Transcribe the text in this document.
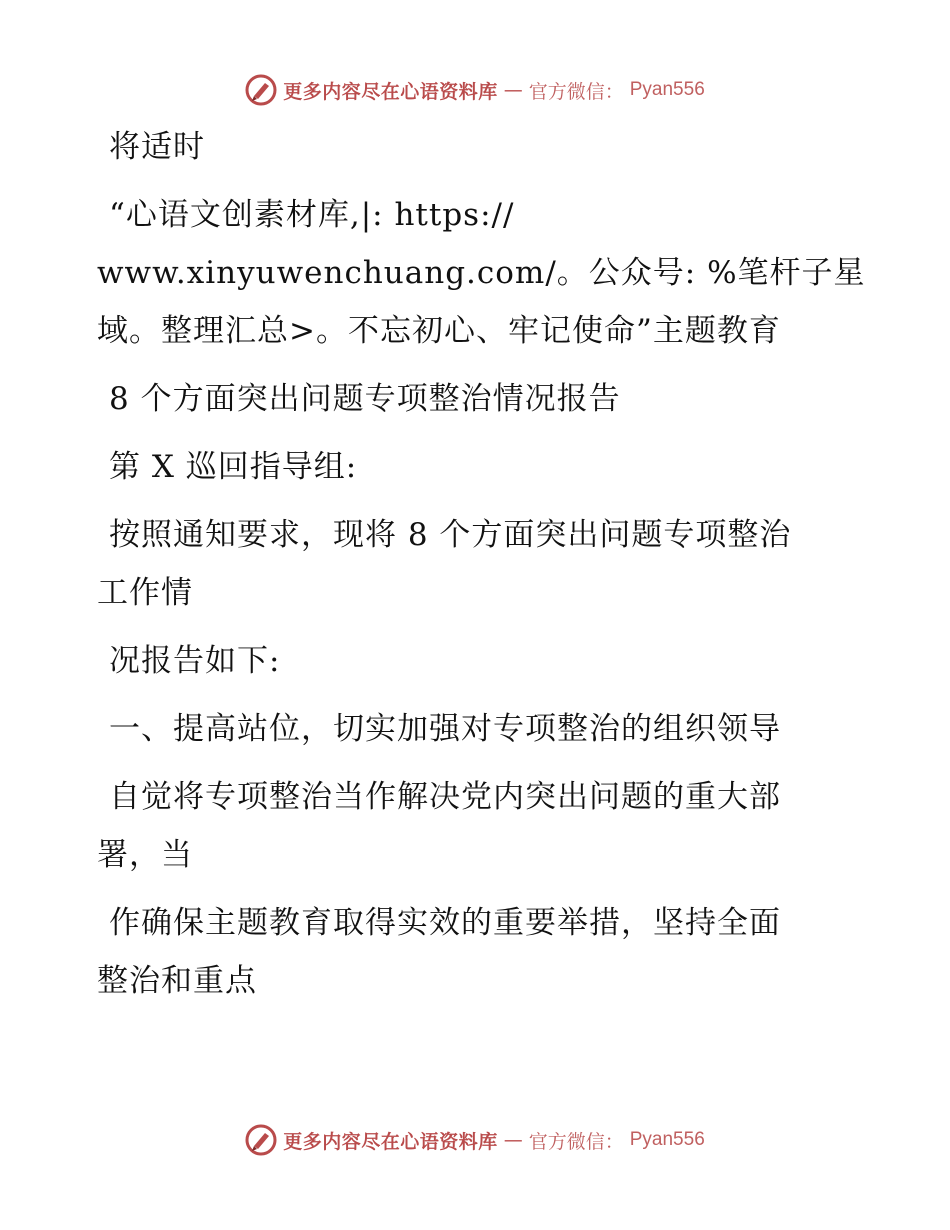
更多内容尽在心语资料库 — 官方微信： Pyan556
将适时
“心语文创素材库,|: https://
www.xinyuwenchuang.com/。公众号: %笔杆子星
域。整理汇总>。不忘初心、牢记使命”主题教育
8 个方面突出问题专项整治情况报告
第 X 巡回指导组:
按照通知要求，现将 8 个方面突出问题专项整治
工作情
况报告如下:
一、提高站位，切实加强对专项整治的组织领导
自觉将专项整治当作解决党内突出问题的重大部
署，当
作确保主题教育取得实效的重要举措，坚持全面
整治和重点
更多内容尽在心语资料库 — 官方微信： Pyan556
